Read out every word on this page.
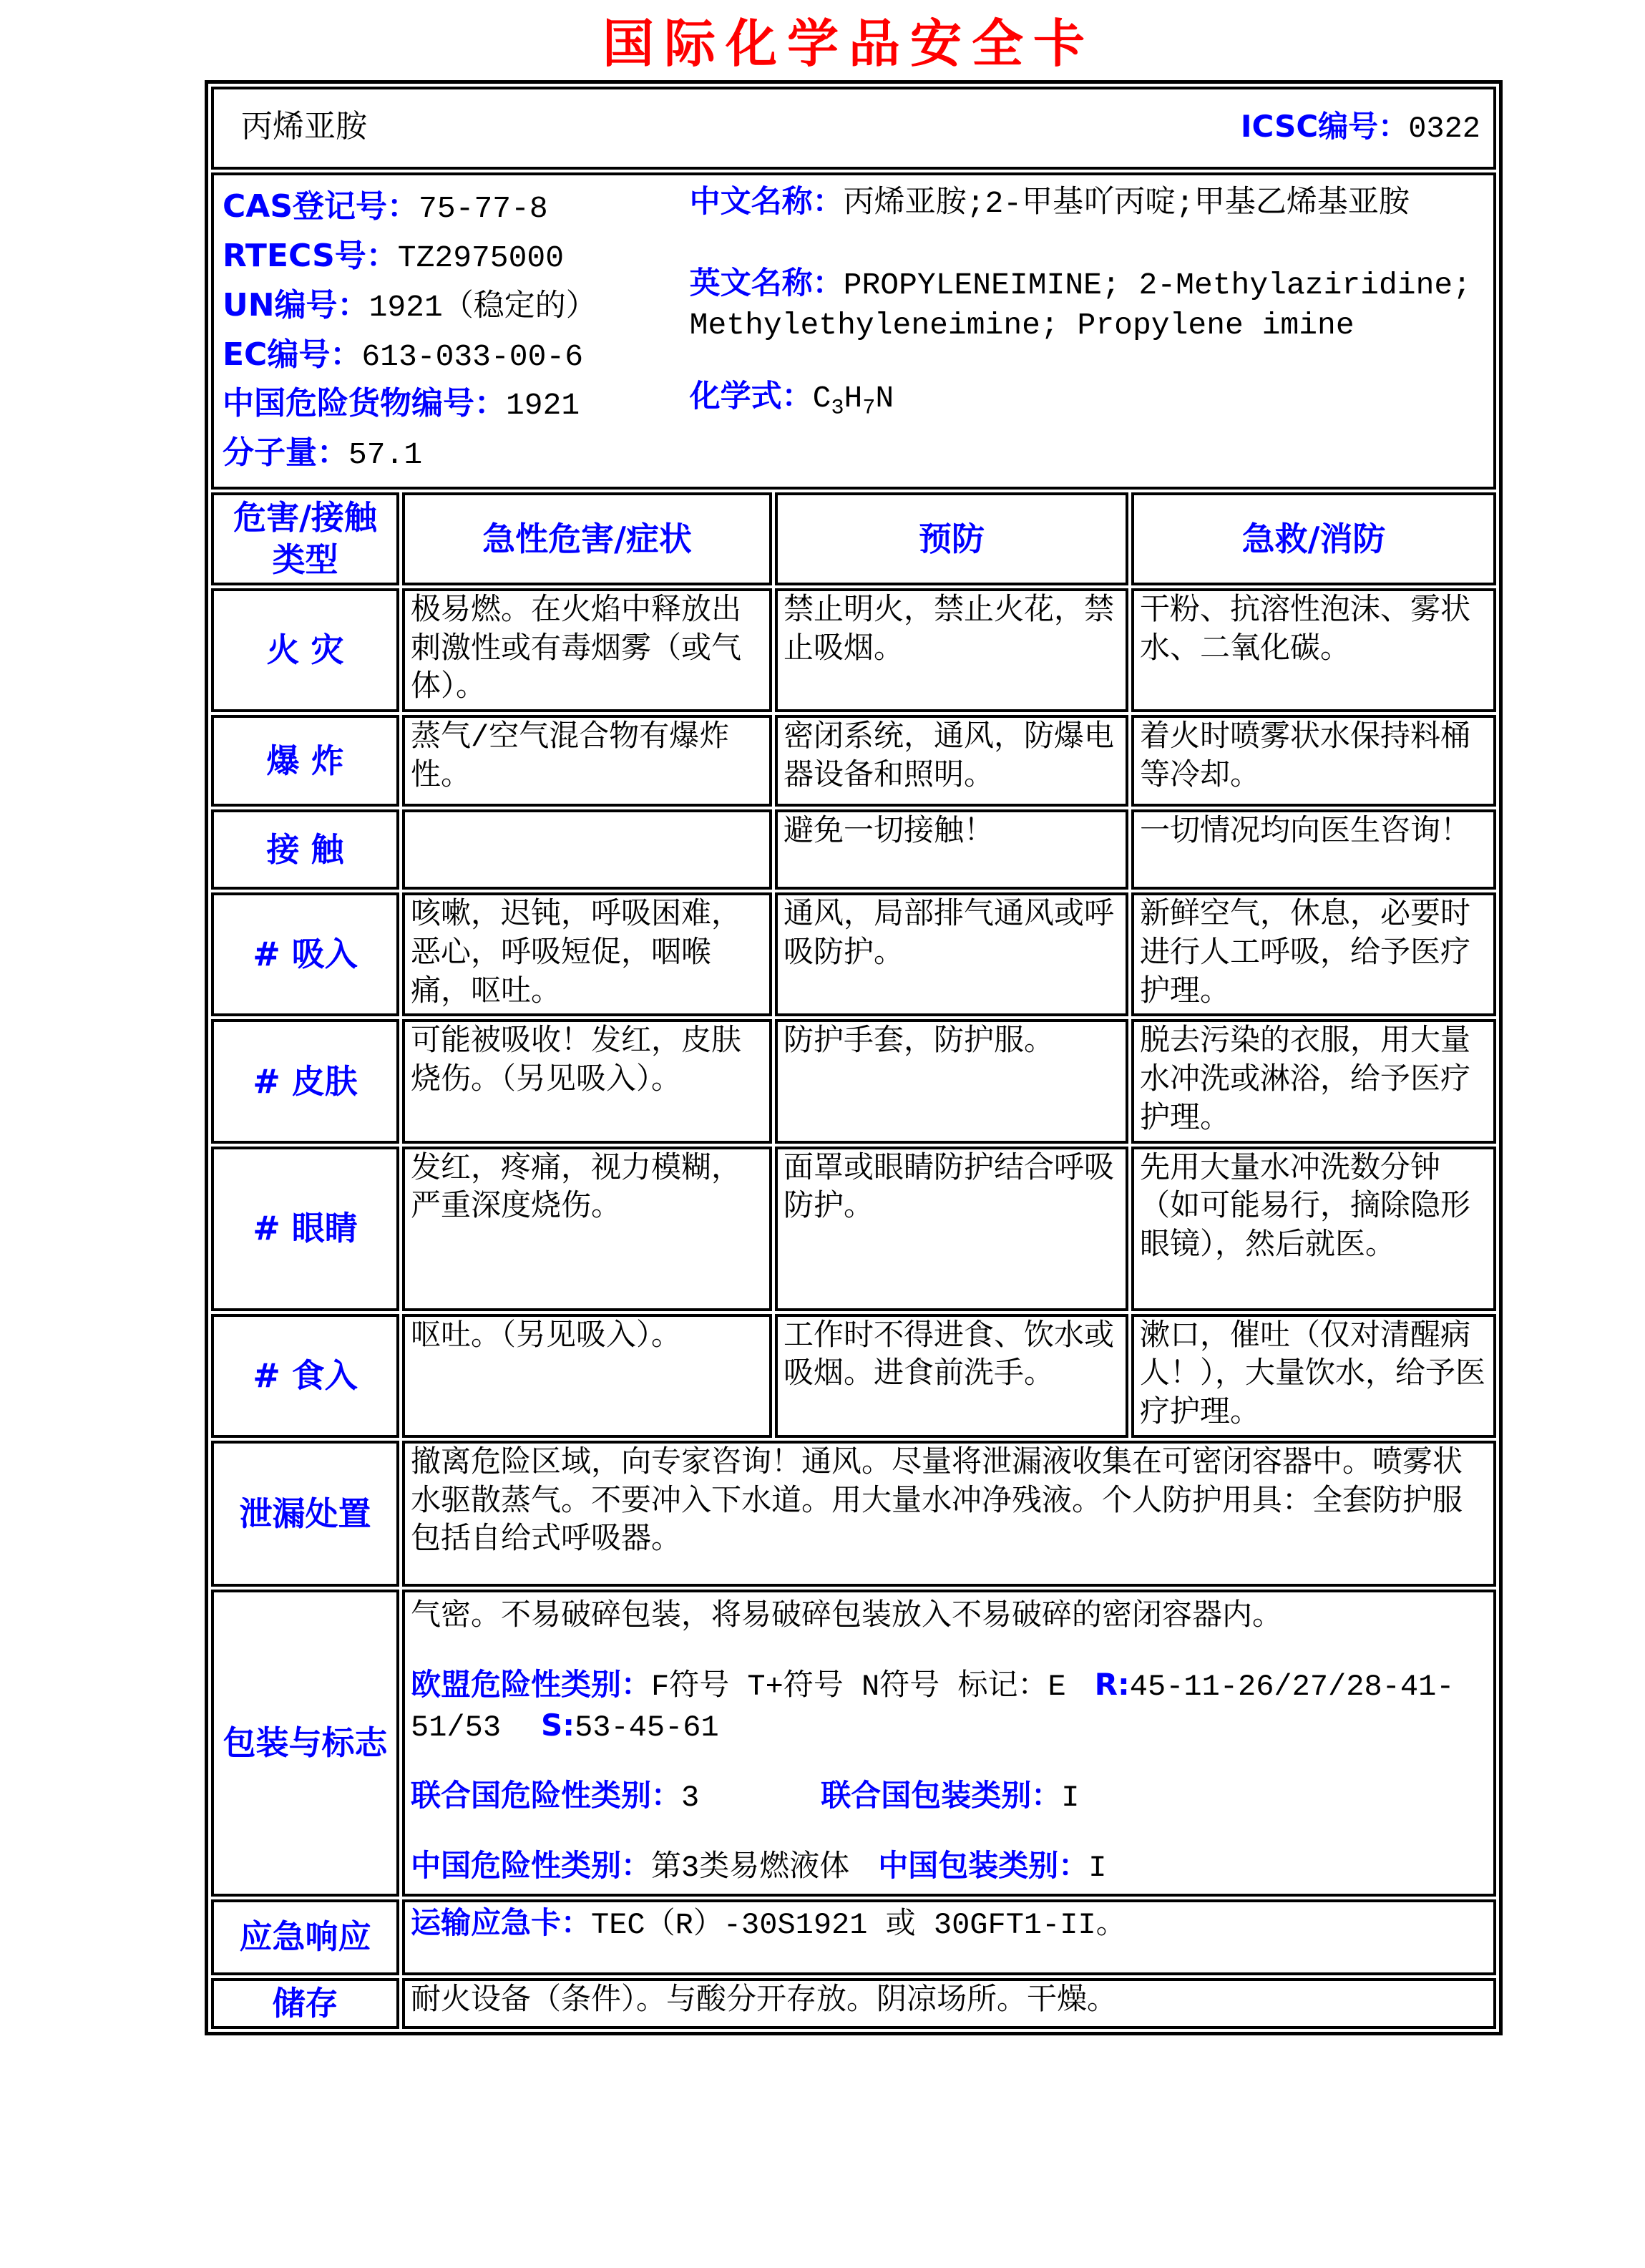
国际化学品安全卡
丙烯亚胺 ICSC编号：0322			

CAS登记号：75-77-8
RTECS号：TZ2975000
UN编号：1921（稳定的）
EC编号：613-033-00-6
中国危险货物编号：1921
分子量：57.1
中文名称：丙烯亚胺;2-甲基吖丙啶;甲基乙烯基亚胺
英文名称：PROPYLENEIMINE; 2-Methylaziridine; Methylethyleneimine; Propylene imine
化学式：$C_3H_7N$

危害/接触类型	急性危害/症状	预防	急救/消防
火 灾	极易燃。在火焰中释放出刺激性或有毒烟雾（或气体）。	禁止明火，禁止火花，禁止吸烟。	干粉、抗溶性泡沫、雾状水、二氧化碳。
爆 炸	蒸气/空气混合物有爆炸性。	密闭系统，通风，防爆电器设备和照明。	着火时喷雾状水保持料桶等冷却。
接 触		避免一切接触！	一切情况均向医生咨询！
# 吸入	咳嗽，迟钝，呼吸困难，恶心，呼吸短促，咽喉痛，呕吐。	通风，局部排气通风或呼吸防护。	新鲜空气，休息，必要时进行人工呼吸，给予医疗护理。
# 皮肤	可能被吸收！发红，皮肤烧伤。（另见吸入）。	防护手套，防护服。	脱去污染的衣服，用大量水冲洗或淋浴，给予医疗护理。
# 眼睛	发红，疼痛，视力模糊，严重深度烧伤。	面罩或眼睛防护结合呼吸防护。	先用大量水冲洗数分钟（如可能易行，摘除隐形眼镜），然后就医。
# 食入	呕吐。（另见吸入）。	工作时不得进食、饮水或吸烟。进食前洗手。	漱口，催吐（仅对清醒病人！），大量饮水，给予医疗护理。
泄漏处置	撤离危险区域，向专家咨询！通风。尽量将泄漏液收集在可密闭容器中。喷雾状水驱散蒸气。不要冲入下水道。用大量水冲净残液。个人防护用具：全套防护服包括自给式呼吸器。		
包装与标志	气密。不易破碎包装，将易破碎包装放入不易破碎的密闭容器内。
欧盟危险性类别：F符号 T+符号 N符号 标记：E R:45-11-26/27/28-41-51/53 S:53-45-61
联合国危险性类别：3 联合国包装类别：I
中国危险性类别：第3类易燃液体 中国包装类别：I		

应急响应	运输应急卡：TEC（R）-30S1921 或 30GFT1-II。		
储存	耐火设备（条件）。与酸分开存放。阴凉场所。干燥。		
